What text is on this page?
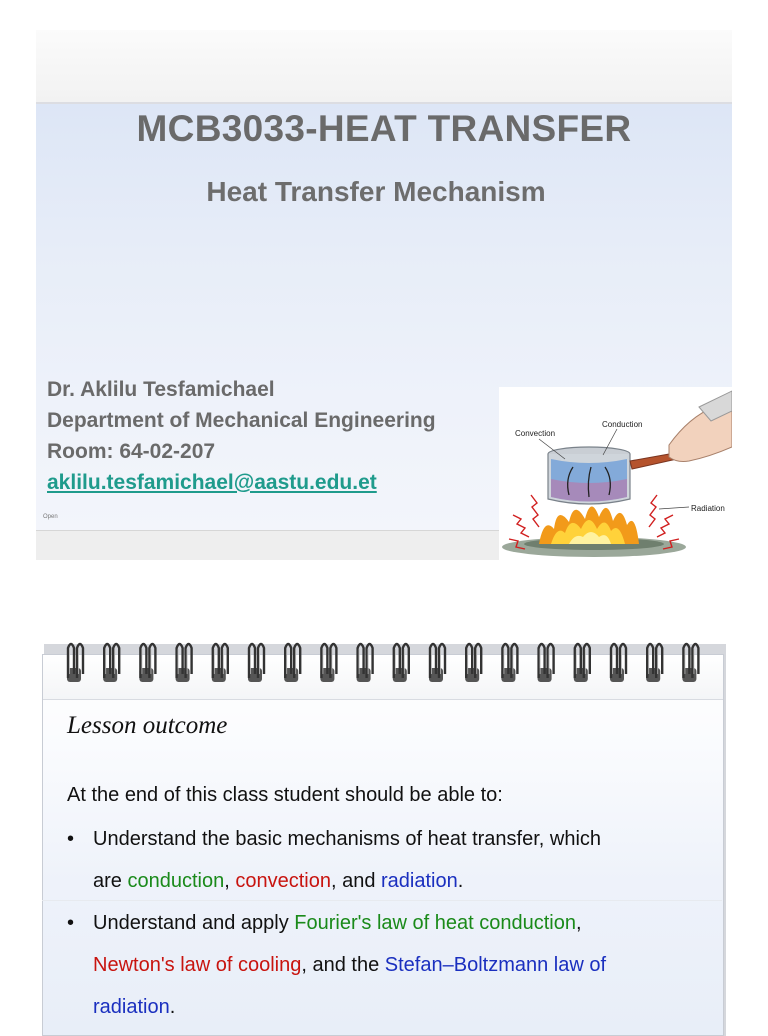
MCB3033-HEAT TRANSFER
Heat Transfer Mechanism
Dr. Aklilu Tesfamichael
Department of Mechanical Engineering
Room: 64-02-207
aklilu.tesfamichael@aastu.edu.et
Open
Convection
Conduction
Radiation
Lesson outcome
At the end of this class student should be able to:
• Understand the basic mechanisms of heat transfer, which
are conduction, convection, and radiation.
• Understand and apply Fourier's law of heat conduction,
Newton's law of cooling, and the Stefan–Boltzmann law of
radiation.
